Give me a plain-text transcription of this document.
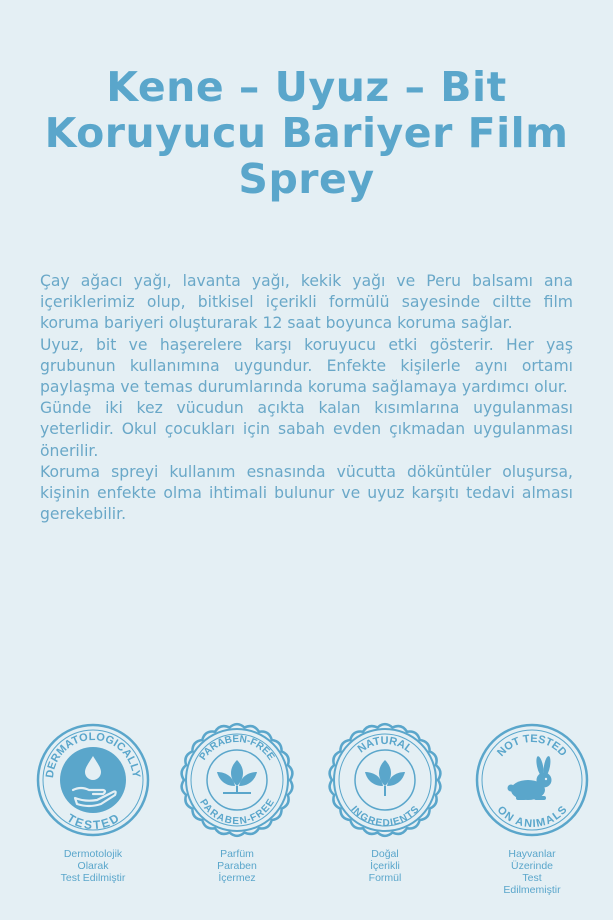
Kene – Uyuz – Bit
Koruyucu Bariyer Film
Sprey

Çay ağacı yağı, lavanta yağı, kekik yağı ve Peru balsamı ana içeriklerimiz olup, bitkisel içerikli formülü sayesinde ciltte film koruma bariyeri oluşturarak 12 saat boyunca koruma sağlar.

Uyuz, bit ve haşerelere karşı koruyucu etki gösterir. Her yaş grubunun kullanımına uygundur. Enfekte kişilerle aynı ortamı paylaşma ve temas durumlarında koruma sağlamaya yardımcı olur.

Günde iki kez vücudun açıkta kalan kısımlarına uygulanması yeterlidir. Okul çocukları için sabah evden çıkmadan uygulanması önerilir.

Koruma spreyi kullanım esnasında vücutta döküntüler oluşursa, kişinin enfekte olma ihtimali bulunur ve uyuz karşıtı tedavi alması gerekebilir.

DERMATOLOGICALLY
TESTED
Dermotolojik
Olarak
Test Edilmiştir
PARABEN-FREE
PARABEN-FREE
Parfüm
Paraben
İçermez
NATURAL
INGREDIENTS
Doğal
İçerikli
Formül
NOT TESTED
ON ANIMALS
Hayvanlar
Üzerinde
Test
Edilmemiştir
